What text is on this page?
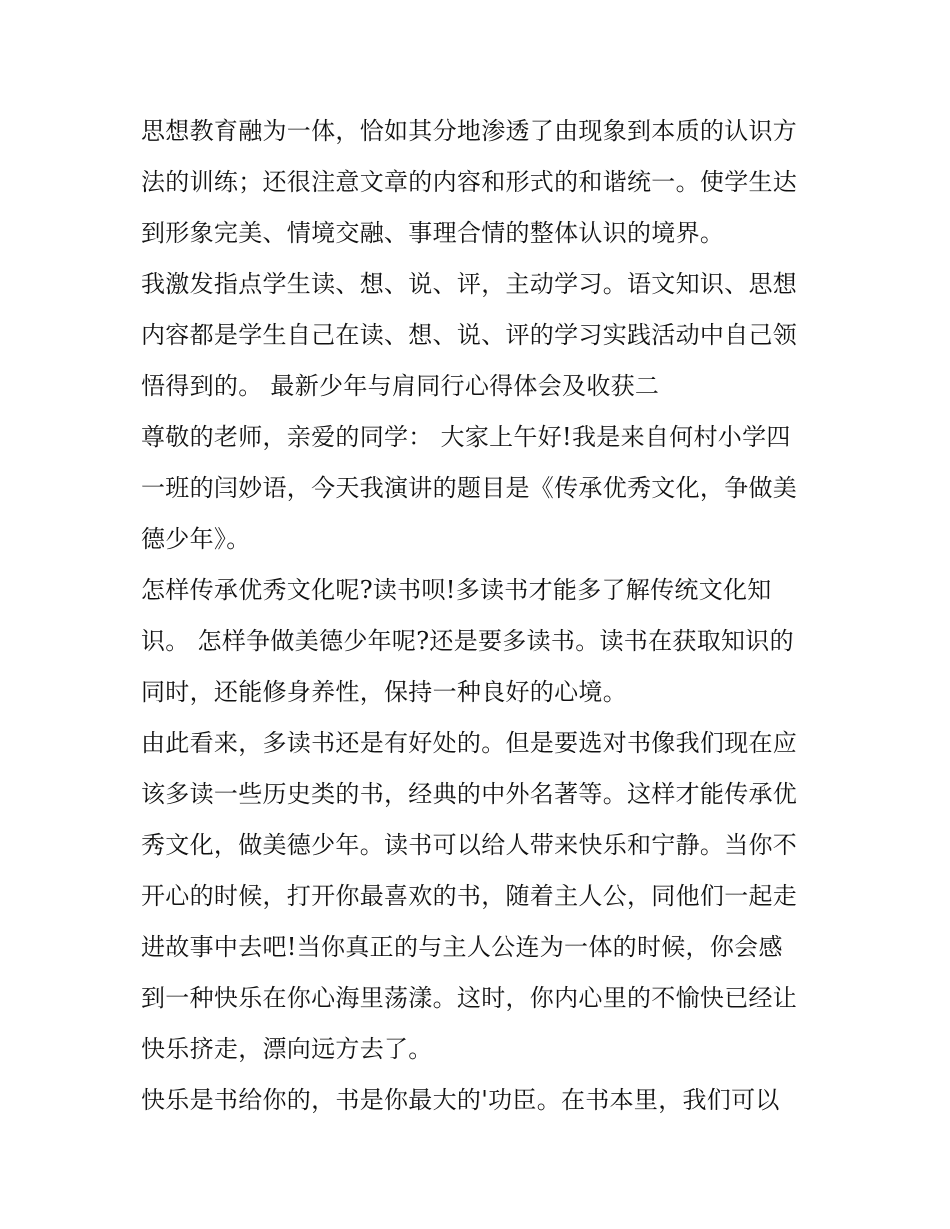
思想教育融为一体，恰如其分地渗透了由现象到本质的认识方
法的训练；还很注意文章的内容和形式的和谐统一。使学生达
到形象完美、情境交融、事理合情的整体认识的境界。
我激发指点学生读、想、说、评，主动学习。语文知识、思想
内容都是学生自己在读、想、说、评的学习实践活动中自己领
悟得到的。 最新少年与肩同行心得体会及收获二
尊敬的老师，亲爱的同学： 大家上午好!我是来自何村小学四
一班的闫妙语，今天我演讲的题目是《传承优秀文化，争做美
德少年》。
怎样传承优秀文化呢?读书呗!多读书才能多了解传统文化知
识。 怎样争做美德少年呢?还是要多读书。读书在获取知识的
同时，还能修身养性，保持一种良好的心境。
由此看来，多读书还是有好处的。但是要选对书像我们现在应
该多读一些历史类的书，经典的中外名著等。这样才能传承优
秀文化，做美德少年。读书可以给人带来快乐和宁静。当你不
开心的时候，打开你最喜欢的书，随着主人公，同他们一起走
进故事中去吧!当你真正的与主人公连为一体的时候，你会感
到一种快乐在你心海里荡漾。这时，你内心里的不愉快已经让
快乐挤走，漂向远方去了。
快乐是书给你的，书是你最大的'功臣。在书本里，我们可以
